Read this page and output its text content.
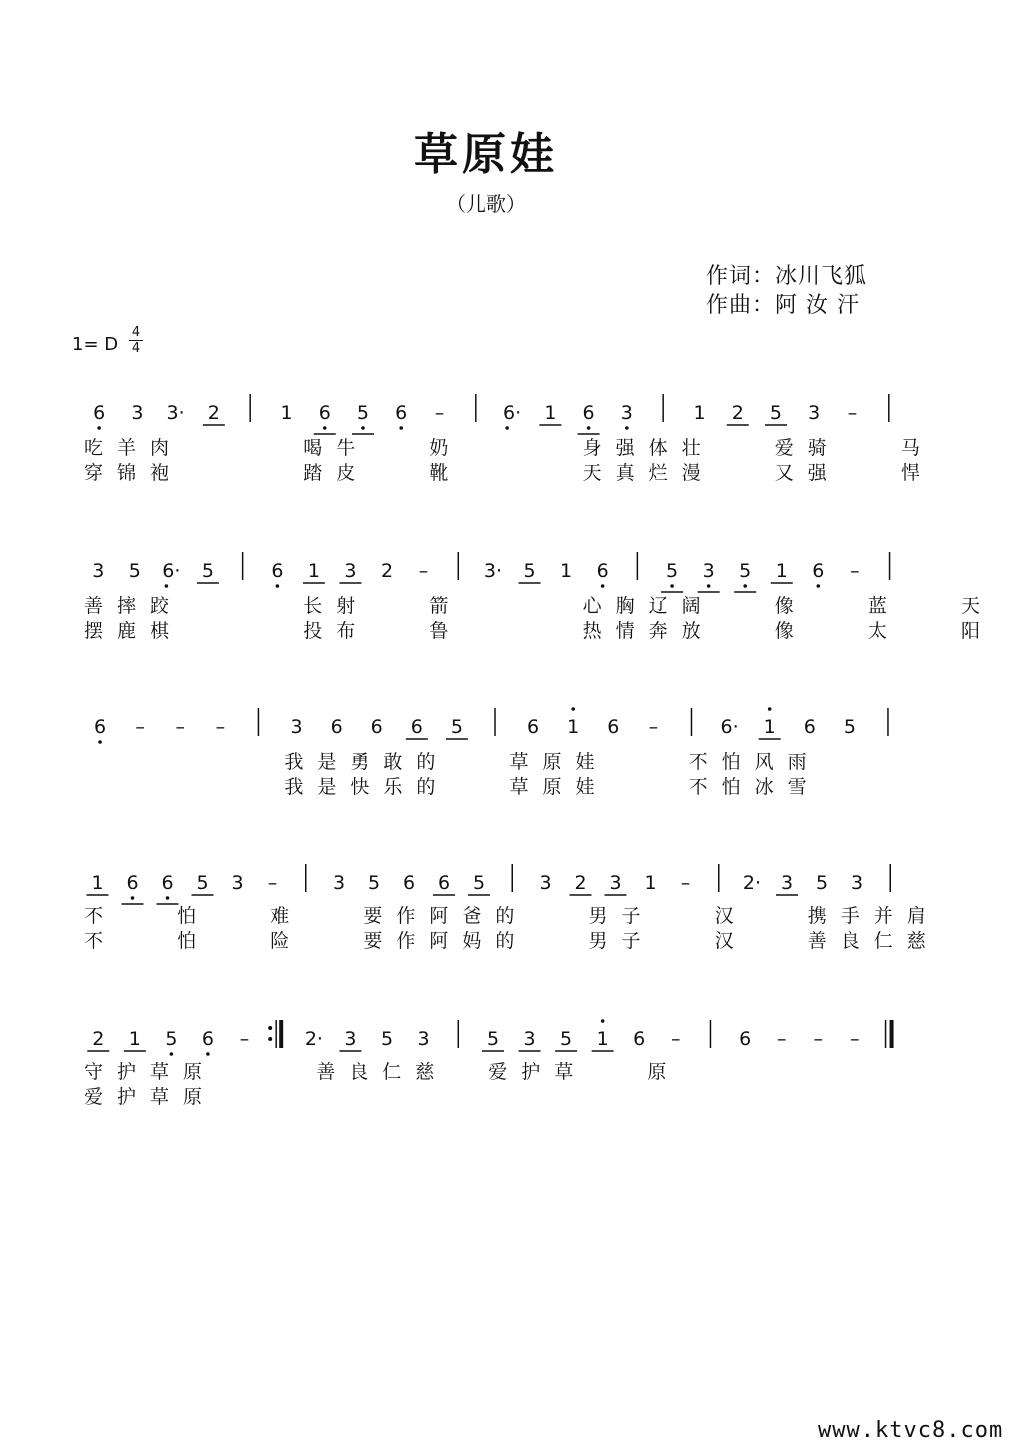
草原娃
（儿歌）
作词：冰川飞狐
作曲：阿 汝 汗
1= D
4
4
6 3 3· 2	1 6 5 6 –	6· 1 6 3	1 2 5 3 –
吃羊肉      喝牛   奶      身强体壮   爱骑   马
穿锦袍      踏皮   靴      天真烂漫   又强   悍
3 5 6· 5	6 1 3 2 –	3· 5 1 6	5 3 5 1 6 –
善摔跤      长射   箭      心胸辽阔   像   蓝   天
摆鹿棋      投布   鲁      热情奔放   像   太   阳
6 – – –	3 6 6 6 5	6 1 6 –	6· 1 6 5
我是勇敢的   草原娃    不怕风雨
我是快乐的   草原娃    不怕冰雪
1 6 6 5 3 –	3 5 6 6 5	3 2 3 1 –	2· 3 5 3
不   怕   难   要作阿爸的   男子   汉   携手并肩
不   怕   险   要作阿妈的   男子   汉   善良仁慈
2 1 5 6 –	2· 3 5 3	5 3 5 1 6 –	6 – – –
守护草原     善良仁慈  爱护草   原
爱护草原
www.ktvc8.com
